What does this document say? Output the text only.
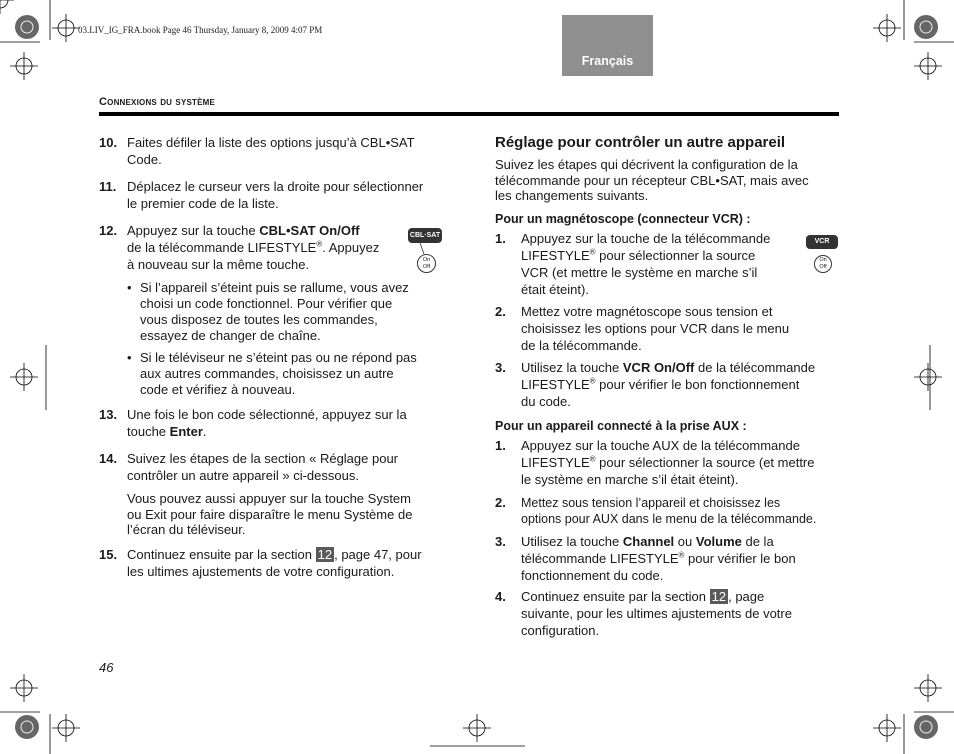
03.LIV_IG_FRA.book Page 46 Thursday, January 8, 2009 4:07 PM
Français
Connexions du système
10. Faites défiler la liste des options jusqu’à CBL•SAT
Code.
11. Déplacez le curseur vers la droite pour sélectionner
le premier code de la liste.
12. Appuyez sur la touche CBL•SAT On/Off
de la télécommande LIFESTYLE®. Appuyez
à nouveau sur la même touche.
CBL·SAT
On
Off
• Si l’appareil s’éteint puis se rallume, vous avez
choisi un code fonctionnel. Pour vérifier que
vous disposez de toutes les commandes,
essayez de changer de chaîne.
• Si le téléviseur ne s’éteint pas ou ne répond pas
aux autres commandes, choisissez un autre
code et vérifiez à nouveau.
13. Une fois le bon code sélectionné, appuyez sur la
touche Enter.
14. Suivez les étapes de la section « Réglage pour
contrôler un autre appareil » ci-dessous.
Vous pouvez aussi appuyer sur la touche System
ou Exit pour faire disparaître le menu Système de
l’écran du téléviseur.
15. Continuez ensuite par la section 12 , page 47, pour
les ultimes ajustements de votre configuration.
46
Réglage pour contrôler un autre appareil
Suivez les étapes qui décrivent la configuration de la
télécommande pour un récepteur CBL•SAT, mais avec
les changements suivants.
Pour un magnétoscope (connecteur VCR) :
1. Appuyez sur la touche de la télécommande
LIFESTYLE® pour sélectionner la source
VCR (et mettre le système en marche s’il
était éteint).
VCR
On
Off
2. Mettez votre magnétoscope sous tension et
choisissez les options pour VCR dans le menu
de la télécommande.
3. Utilisez la touche VCR On/Off de la télécommande
LIFESTYLE® pour vérifier le bon fonctionnement
du code.
Pour un appareil connecté à la prise AUX :
1. Appuyez sur la touche AUX de la télécommande
LIFESTYLE® pour sélectionner la source (et mettre
le système en marche s’il était éteint).
2. Mettez sous tension l’appareil et choisissez les
options pour AUX dans le menu de la télécommande.
3. Utilisez la touche Channel ou Volume de la
télécommande LIFESTYLE® pour vérifier le bon
fonctionnement du code.
4. Continuez ensuite par la section 12 , page
suivante, pour les ultimes ajustements de votre
configuration.
